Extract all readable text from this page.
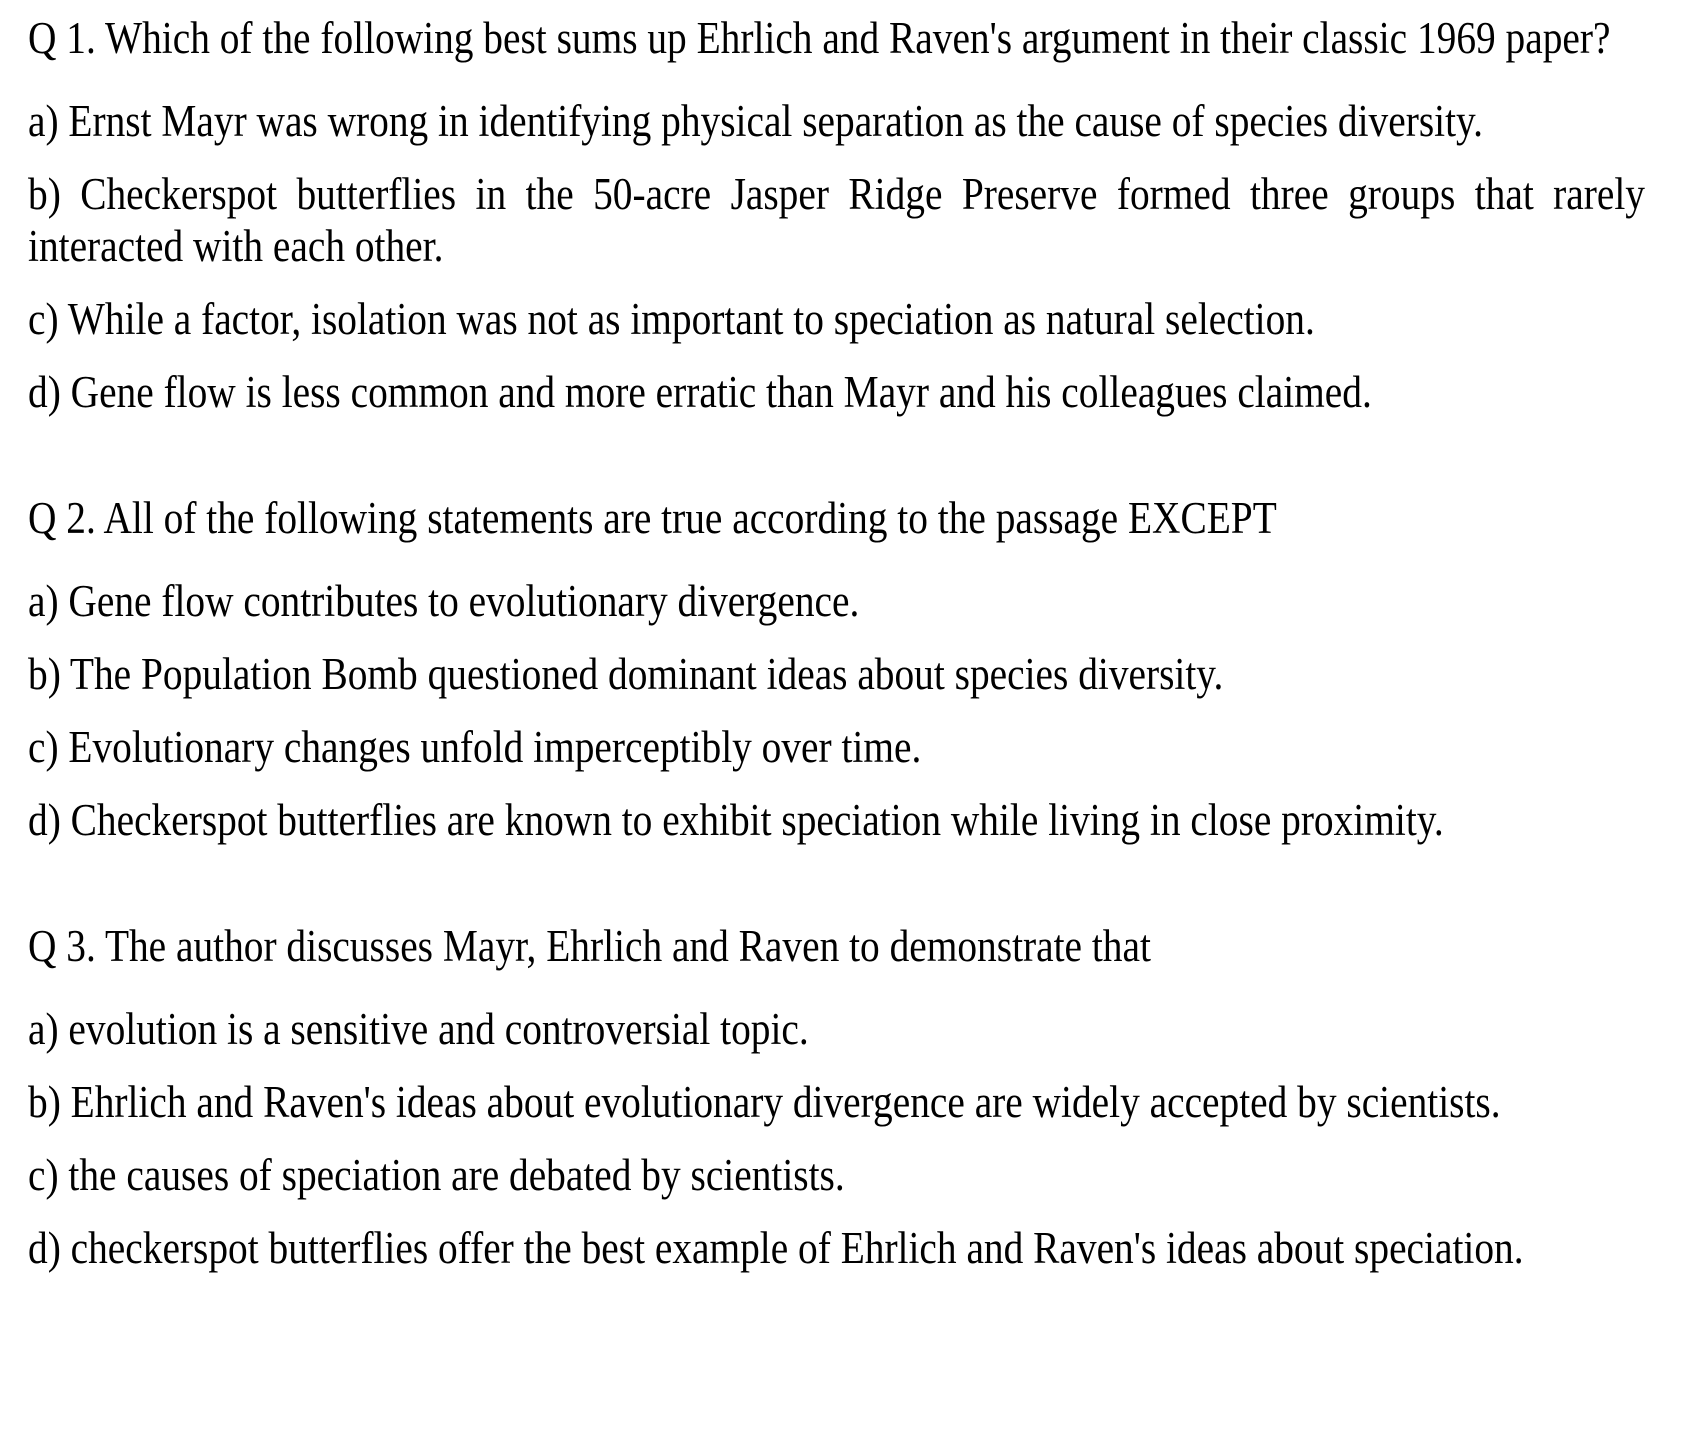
Q 1. Which of the following best sums up Ehrlich and Raven's argument in their classic 1969 paper?

a) Ernst Mayr was wrong in identifying physical separation as the cause of species diversity.

b) Checkerspot butterflies in the 50-acre Jasper Ridge Preserve formed three groups that rarely interacted with each other.

c) While a factor, isolation was not as important to speciation as natural selection.

d) Gene flow is less common and more erratic than Mayr and his colleagues claimed.

Q 2. All of the following statements are true according to the passage EXCEPT

a) Gene flow contributes to evolutionary divergence.

b) The Population Bomb questioned dominant ideas about species diversity.

c) Evolutionary changes unfold imperceptibly over time.

d) Checkerspot butterflies are known to exhibit speciation while living in close proximity.

Q 3. The author discusses Mayr, Ehrlich and Raven to demonstrate that

a) evolution is a sensitive and controversial topic.

b) Ehrlich and Raven's ideas about evolutionary divergence are widely accepted by scientists.

c) the causes of speciation are debated by scientists.

d) checkerspot butterflies offer the best example of Ehrlich and Raven's ideas about speciation.
